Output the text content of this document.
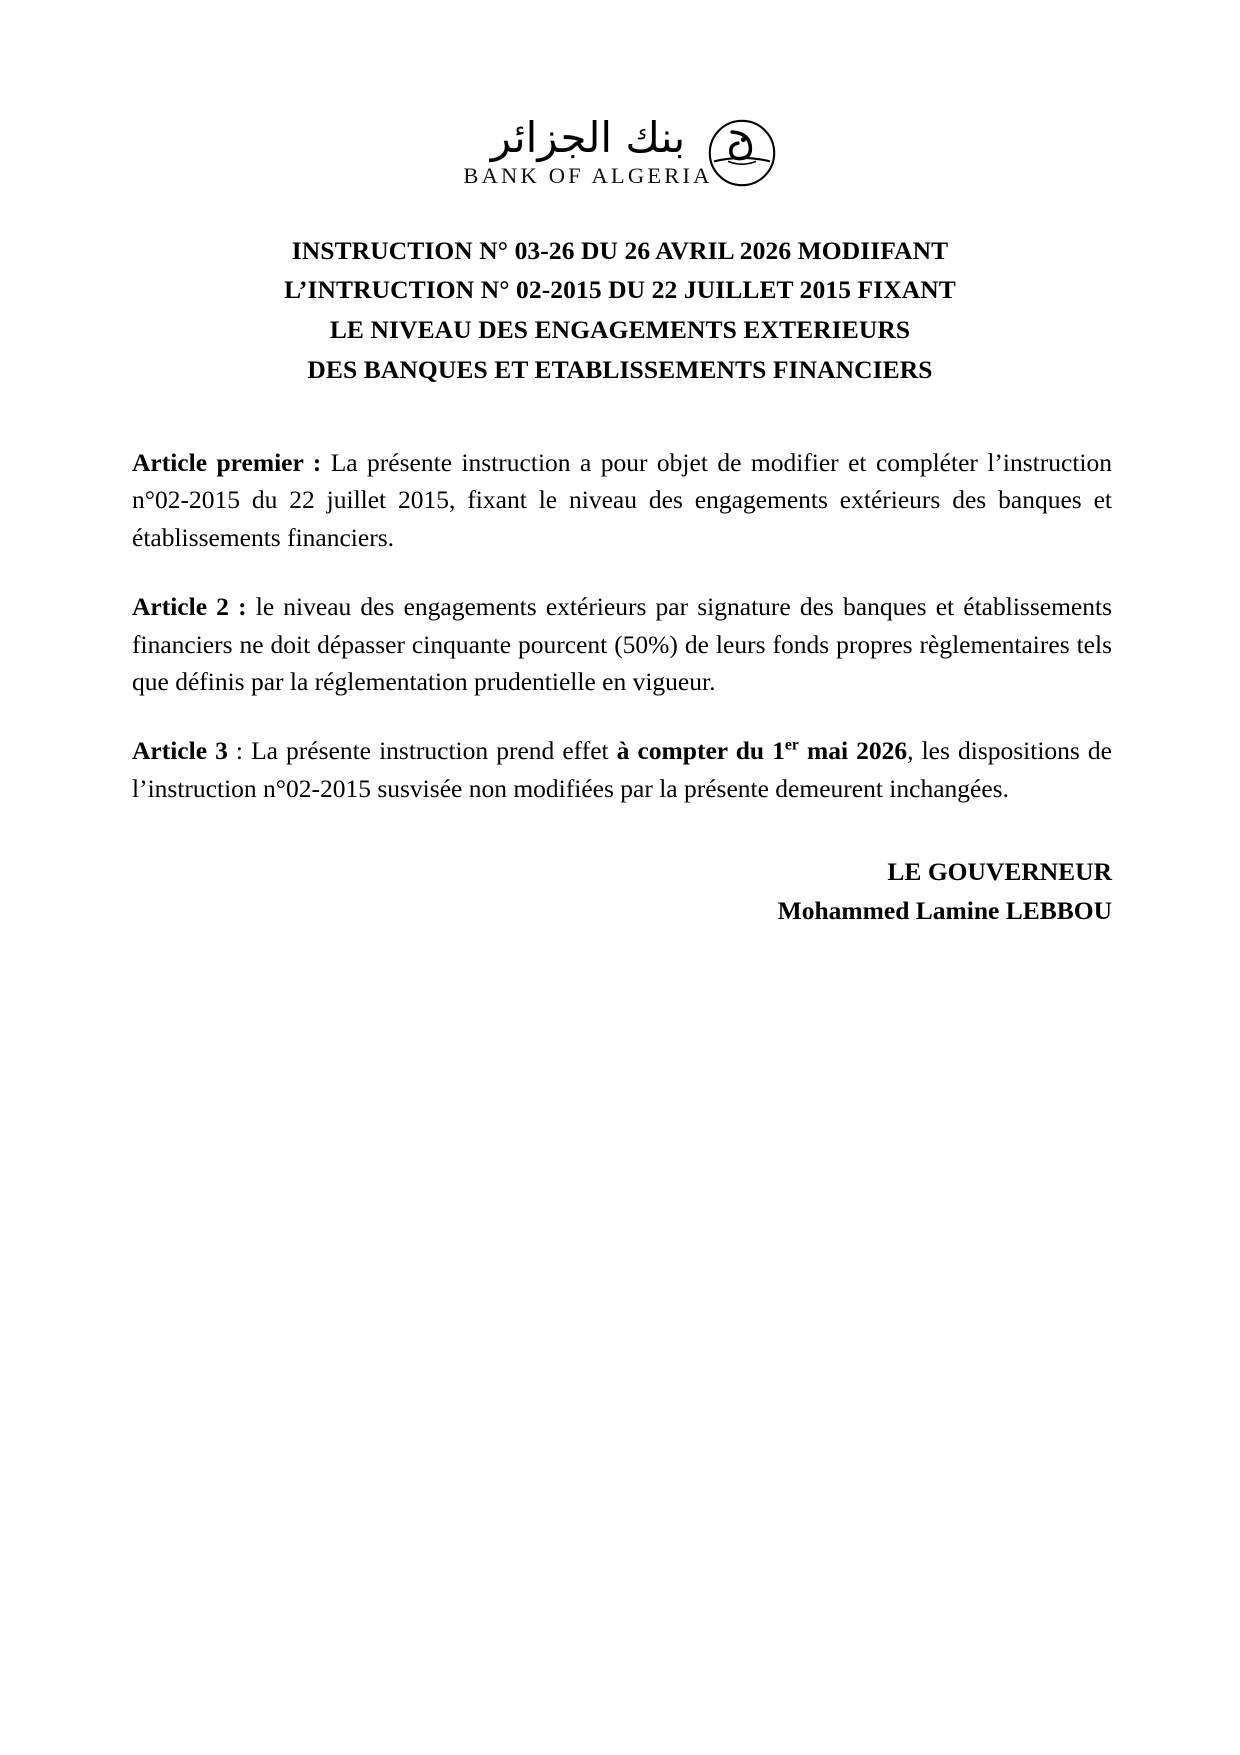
بنك الجزائر
BANK OF ALGERIA
INSTRUCTION N° 03-26 DU 26 AVRIL 2026 MODIIFANT
L’INTRUCTION N° 02-2015 DU 22 JUILLET 2015 FIXANT
LE NIVEAU DES ENGAGEMENTS EXTERIEURS
DES BANQUES ET ETABLISSEMENTS FINANCIERS

Article premier : La présente instruction a pour objet de modifier et compléter l’instruction n°02-2015 du 22 juillet 2015, fixant le niveau des engagements extérieurs des banques et établissements financiers.

Article 2 : le niveau des engagements extérieurs par signature des banques et établissements financiers ne doit dépasser cinquante pourcent (50%) de leurs fonds propres règlementaires tels que définis par la réglementation prudentielle en vigueur.

Article 3 : La présente instruction prend effet à compter du 1er mai 2026, les dispositions de l’instruction n°02-2015 susvisée non modifiées par la présente demeurent inchangées.

LE GOUVERNEUR
Mohammed Lamine LEBBOU
